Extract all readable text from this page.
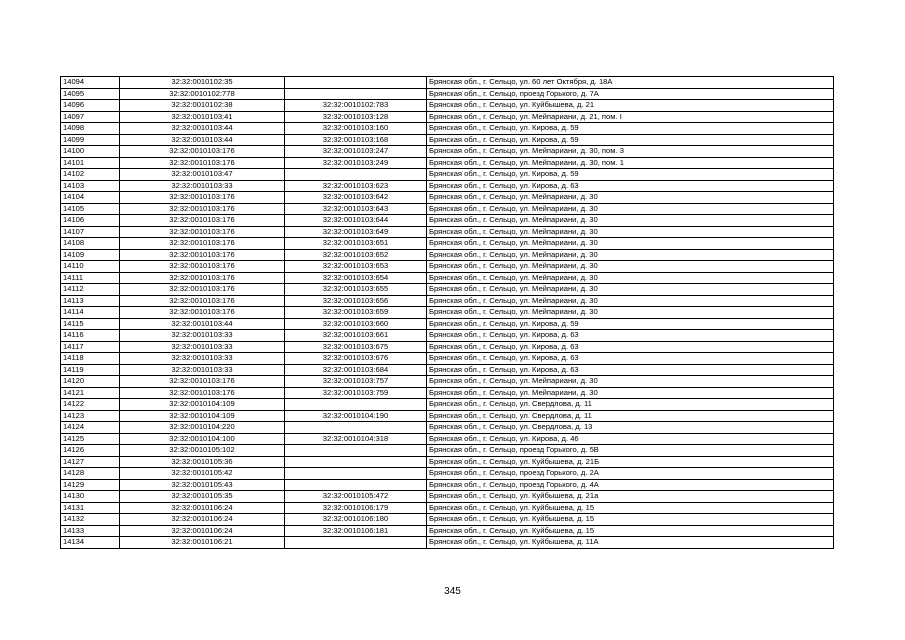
14094	32:32:0010102:35		Брянская обл., г. Сельцо, ул. 60 лет Октября, д. 18А
14095	32:32:0010102:778		Брянская обл., г. Сельцо, проезд Горького, д. 7А
14096	32:32:0010102:38	32:32:0010102:783	Брянская обл., г. Сельцо, ул. Куйбышева, д. 21
14097	32:32:0010103:41	32:32:0010103:128	Брянская обл., г. Сельцо, ул. Мейпариани, д. 21, пом. I
14098	32:32:0010103:44	32:32:0010103:160	Брянская обл., г. Сельцо, ул. Кирова, д. 59
14099	32:32:0010103:44	32:32:0010103:168	Брянская обл., г. Сельцо, ул. Кирова, д. 59
14100	32:32:0010103:176	32:32:0010103:247	Брянская обл., г. Сельцо, ул. Мейпариани, д. 30, пом. 3
14101	32:32:0010103:176	32:32:0010103:249	Брянская обл., г. Сельцо, ул. Мейпариани, д. 30, пом. 1
14102	32:32:0010103:47		Брянская обл., г. Сельцо, ул. Кирова, д. 59
14103	32:32:0010103:33	32:32:0010103:623	Брянская обл., г. Сельцо, ул. Кирова, д. 63
14104	32:32:0010103:176	32:32:0010103:642	Брянская обл., г. Сельцо, ул. Мейпариани, д. 30
14105	32:32:0010103:176	32:32:0010103:643	Брянская обл., г. Сельцо, ул. Мейпариани, д. 30
14106	32:32:0010103:176	32:32:0010103:644	Брянская обл., г. Сельцо, ул. Мейпариани, д. 30
14107	32:32:0010103:176	32:32:0010103:649	Брянская обл., г. Сельцо, ул. Мейпариани, д. 30
14108	32:32:0010103:176	32:32:0010103:651	Брянская обл., г. Сельцо, ул. Мейпариани, д. 30
14109	32:32:0010103:176	32:32:0010103:652	Брянская обл., г. Сельцо, ул. Мейпариани, д. 30
14110	32:32:0010103:176	32:32:0010103:653	Брянская обл., г. Сельцо, ул. Мейпариани, д. 30
14111	32:32:0010103:176	32:32:0010103:654	Брянская обл., г. Сельцо, ул. Мейпариани, д. 30
14112	32:32:0010103:176	32:32:0010103:655	Брянская обл., г. Сельцо, ул. Мейпариани, д. 30
14113	32:32:0010103:176	32:32:0010103:656	Брянская обл., г. Сельцо, ул. Мейпариани, д. 30
14114	32:32:0010103:176	32:32:0010103:659	Брянская обл., г. Сельцо, ул. Мейпариани, д. 30
14115	32:32:0010103:44	32:32:0010103:660	Брянская обл., г. Сельцо, ул. Кирова, д. 59
14116	32:32:0010103:33	32:32:0010103:661	Брянская обл., г. Сельцо, ул. Кирова, д. 63
14117	32:32:0010103:33	32:32:0010103:675	Брянская обл., г. Сельцо, ул. Кирова, д. 63
14118	32:32:0010103:33	32:32:0010103:676	Брянская обл., г. Сельцо, ул. Кирова, д. 63
14119	32:32:0010103:33	32:32:0010103:684	Брянская обл., г. Сельцо, ул. Кирова, д. 63
14120	32:32:0010103:176	32:32:0010103:757	Брянская обл., г. Сельцо, ул. Мейпариани, д. 30
14121	32:32:0010103:176	32:32:0010103:759	Брянская обл., г. Сельцо, ул. Мейпариани, д. 30
14122	32:32:0010104:109		Брянская обл., г. Сельцо, ул. Свердлова, д. 11
14123	32:32:0010104:109	32:32:0010104:190	Брянская обл., г. Сельцо, ул. Свердлова, д. 11
14124	32:32:0010104:220		Брянская обл., г. Сельцо, ул. Свердлова, д. 13
14125	32:32:0010104:100	32:32:0010104:318	Брянская обл., г. Сельцо, ул. Кирова, д. 46
14126	32:32:0010105:102		Брянская обл., г. Сельцо, проезд Горького, д. 5В
14127	32:32:0010105:36		Брянская обл., г. Сельцо, ул. Куйбышева, д. 21Б
14128	32:32:0010105:42		Брянская обл., г. Сельцо, проезд Горького, д. 2А
14129	32:32:0010105:43		Брянская обл., г. Сельцо, проезд Горького, д. 4А
14130	32:32:0010105:35	32:32:0010105:472	Брянская обл., г. Сельцо, ул. Куйбышева, д. 21а
14131	32:32:0010106:24	32:32:0010106:179	Брянская обл., г. Сельцо, ул. Куйбышева, д. 15
14132	32:32:0010106:24	32:32:0010106:180	Брянская обл., г. Сельцо, ул. Куйбышева, д. 15
14133	32:32:0010106:24	32:32:0010106:181	Брянская обл., г. Сельцо, ул. Куйбышева, д. 15
14134	32:32:0010106:21		Брянская обл., г. Сельцо, ул. Куйбышева, д. 11А
345
